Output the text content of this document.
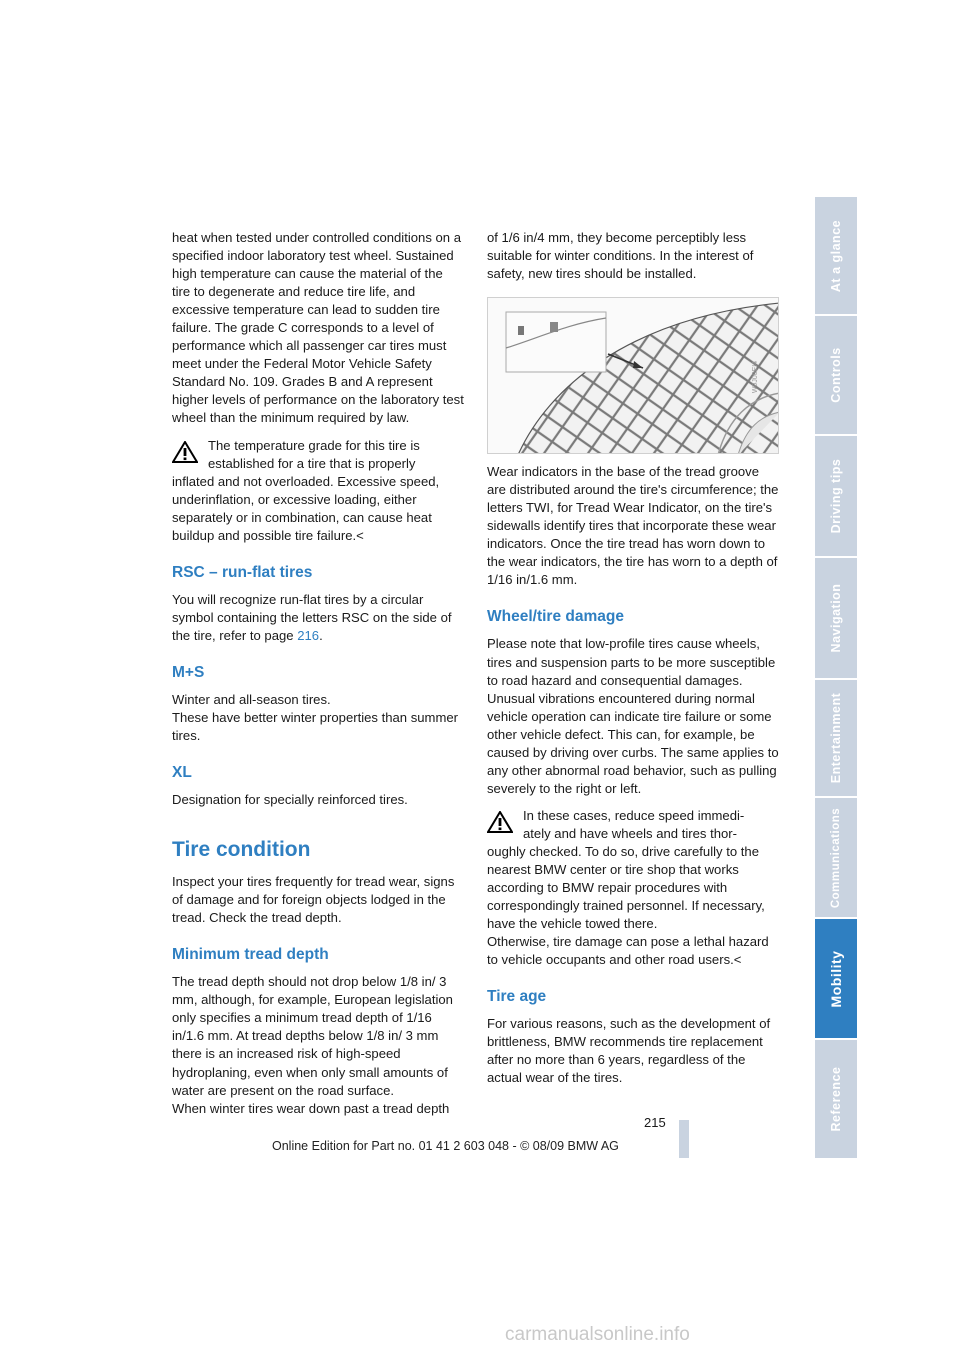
heat when tested under controlled conditions on a specified indoor laboratory test wheel. Sustained high temperature can cause the material of the tire to degenerate and reduce tire life, and excessive temperature can lead to sudden tire failure. The grade C corresponds to a level of performance which all passenger car tires must meet under the Federal Motor Vehicle Safety Standard No. 109. Grades B and A represent higher levels of performance on the laboratory test wheel than the minimum required by law.

The temperature grade for this tire is
established for a tire that is properly
inflated and not overloaded. Excessive speed, underinflation, or excessive loading, either separately or in combination, can cause heat buildup and possible tire failure.<
RSC – run-flat tires

You will recognize run-flat tires by a circular symbol containing the letters RSC on the side of the tire, refer to page 216.

M+S

Winter and all-season tires.

These have better winter properties than summer tires.

XL

Designation for specially reinforced tires.

Tire condition

Inspect your tires frequently for tread wear, signs of damage and for foreign objects lodged in the tread. Check the tread depth.

Minimum tread depth

The tread depth should not drop below 1/8 in/ 3 mm, although, for example, European legislation only specifies a minimum tread depth of 1/16 in/1.6 mm. At tread depths below 1/8 in/ 3 mm there is an increased risk of high-speed hydroplaning, even when only small amounts of water are present on the road surface.

When winter tires wear down past a tread depth

of 1/6 in/4 mm, they become perceptibly less suitable for winter conditions. In the interest of safety, new tires should be installed.

W0J00EI4

Wear indicators in the base of the tread groove are distributed around the tire's circumference; the letters TWI, for Tread Wear Indicator, on the tire's sidewalls identify tires that incorporate these wear indicators. Once the tire tread has worn down to the wear indicators, the tire has worn to a depth of 1/16 in/1.6 mm.

Wheel/tire damage

Please note that low-profile tires cause wheels, tires and suspension parts to be more susceptible to road hazard and consequential damages.

Unusual vibrations encountered during normal vehicle operation can indicate tire failure or some other vehicle defect. This can, for example, be caused by driving over curbs. The same applies to any other abnormal road behavior, such as pulling severely to the right or left.

In these cases, reduce speed immedi-
ately and have wheels and tires thor-
oughly checked. To do so, drive carefully to the nearest BMW center or tire shop that works according to BMW repair procedures with correspondingly trained personnel. If necessary, have the vehicle towed there.
Otherwise, tire damage can pose a lethal hazard to vehicle occupants and other road users.<
Tire age

For various reasons, such as the development of brittleness, BMW recommends tire replacement after no more than 6 years, regardless of the actual wear of the tires.

At a glance
Controls
Driving tips
Navigation
Entertainment
Communications
Mobility
Reference
215
Online Edition for Part no. 01 41 2 603 048 - © 08/09 BMW AG
carmanualsonline.info
